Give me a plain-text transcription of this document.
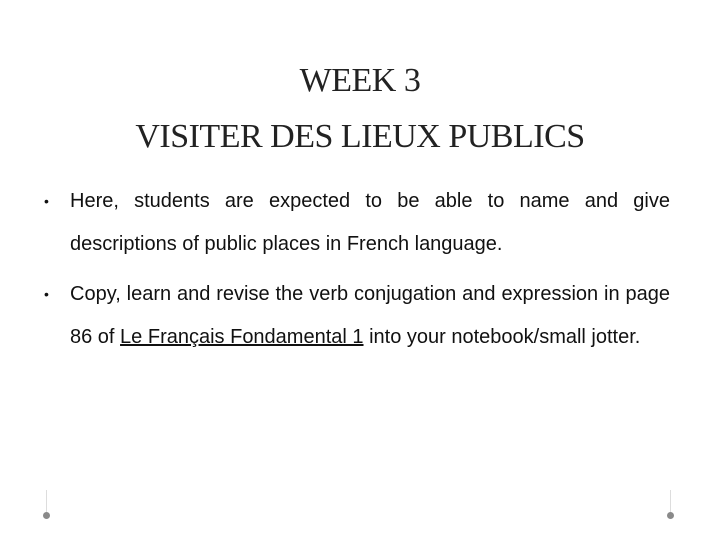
WEEK 3
VISITER DES LIEUX PUBLICS
• Here, students are expected to be able to name and give descriptions of public places in French language.
• Copy, learn and revise the verb conjugation and expression in page 86 of Le Français Fondamental 1 into your notebook/small jotter.
